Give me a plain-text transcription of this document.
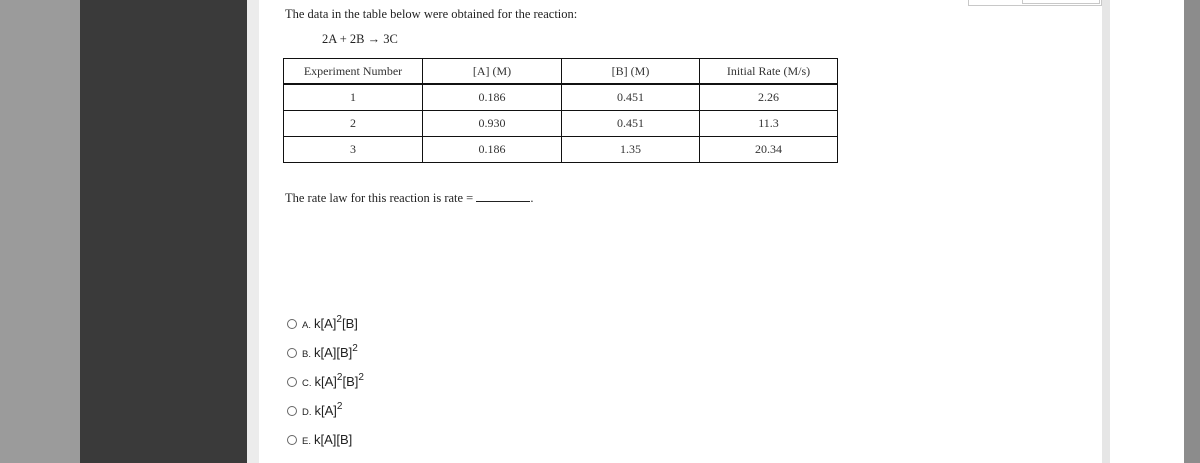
The data in the table below were obtained for the reaction:
2A + 2B → 3C
Experiment Number	[A] (M)	[B] (M)	Initial Rate (M/s)
1	0.186	0.451	2.26
2	0.930	0.451	11.3
3	0.186	1.35	20.34
The rate law for this reaction is rate =	.
A. $k[A]^2[B]$
B. $k[A][B]^2$
C. $k[A]^2[B]^2$
D. $k[A]^2$
E. k[A][B]
